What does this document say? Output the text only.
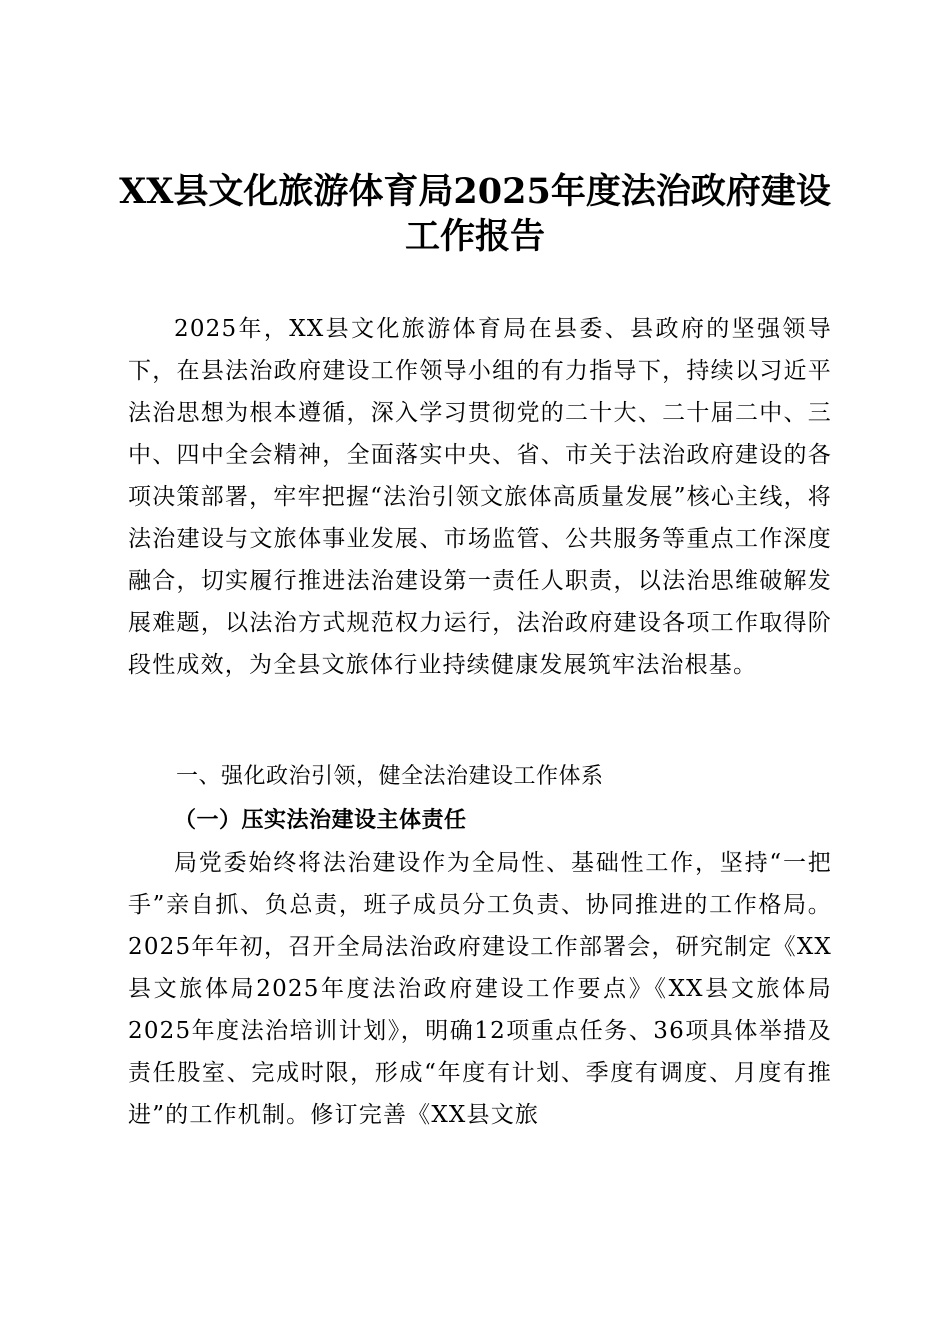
XX县文化旅游体育局2025年度法治政府建设
工作报告

2025年，XX县文化旅游体育局在县委、县政府的坚强领导下，在县法治政府建设工作领导小组的有力指导下，持续以习近平法治思想为根本遵循，深入学习贯彻党的二十大、二十届二中、三中、四中全会精神，全面落实中央、省、市关于法治政府建设的各项决策部署，牢牢把握“法治引领文旅体高质量发展”核心主线，将法治建设与文旅体事业发展、市场监管、公共服务等重点工作深度融合，切实履行推进法治建设第一责任人职责，以法治思维破解发展难题，以法治方式规范权力运行，法治政府建设各项工作取得阶段性成效，为全县文旅体行业持续健康发展筑牢法治根基。

一、强化政治引领，健全法治建设工作体系

（一）压实法治建设主体责任

局党委始终将法治建设作为全局性、基础性工作，坚持“一把手”亲自抓、负总责，班子成员分工负责、协同推进的工作格局。2025年年初，召开全局法治政府建设工作部署会，研究制定《XX县文旅体局2025年度法治政府建设工作要点》《XX县文旅体局2025年度法治培训计划》，明确12项重点任务、36项具体举措及责任股室、完成时限，形成“年度有计划、季度有调度、月度有推进”的工作机制。修订完善《XX县文旅
